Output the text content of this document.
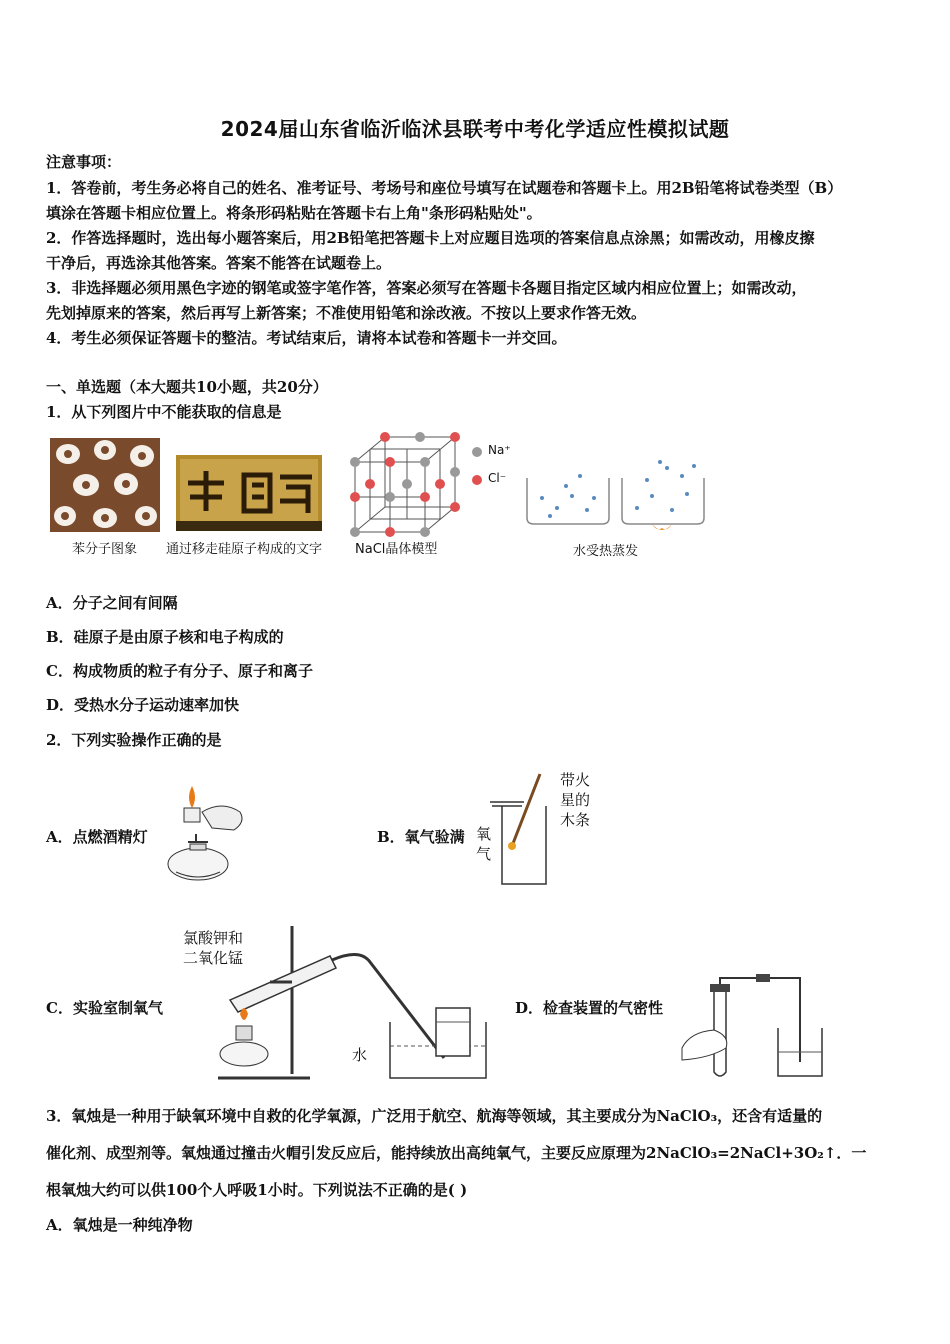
2024届山东省临沂临沭县联考中考化学适应性模拟试题
注意事项：
1．答卷前，考生务必将自己的姓名、准考证号、考场号和座位号填写在试题卷和答题卡上。用2B铅笔将试卷类型（B）
填涂在答题卡相应位置上。将条形码粘贴在答题卡右上角"条形码粘贴处"。
2．作答选择题时，选出每小题答案后，用2B铅笔把答题卡上对应题目选项的答案信息点涂黑；如需改动，用橡皮擦
干净后，再选涂其他答案。答案不能答在试题卷上。
3．非选择题必须用黑色字迹的钢笔或签字笔作答，答案必须写在答题卡各题目指定区域内相应位置上；如需改动，
先划掉原来的答案，然后再写上新答案；不准使用铅笔和涂改液。不按以上要求作答无效。
4．考生必须保证答题卡的整洁。考试结束后，请将本试卷和答题卡一并交回。
一、单选题（本大题共10小题，共20分）
1．从下列图片中不能获取的信息是
苯分子图象 通过移走硅原子构成的文字
Na⁺
Cl⁻
NaCl晶体模型	水受热蒸发
A．分子之间有间隔
B．硅原子是由原子核和电子构成的
C．构成物质的粒子有分子、原子和离子
D．受热水分子运动速率加快
2．下列实验操作正确的是
A．点燃酒精灯	B．氧气验满
带火
星的
木条
氧
气
C．实验室制氧气
氯酸钾和
二氧化锰
水
D．检查装置的气密性
3．氧烛是一种用于缺氧环境中自救的化学氧源，广泛用于航空、航海等领域，其主要成分为NaClO₃，还含有适量的
催化剂、成型剂等。氧烛通过撞击火帽引发反应后，能持续放出高纯氧气，主要反应原理为2NaClO₃=2NaCl+3O₂↑．一
根氧烛大约可以供100个人呼吸1小时。下列说法不正确的是( )
A．氧烛是一种纯净物
